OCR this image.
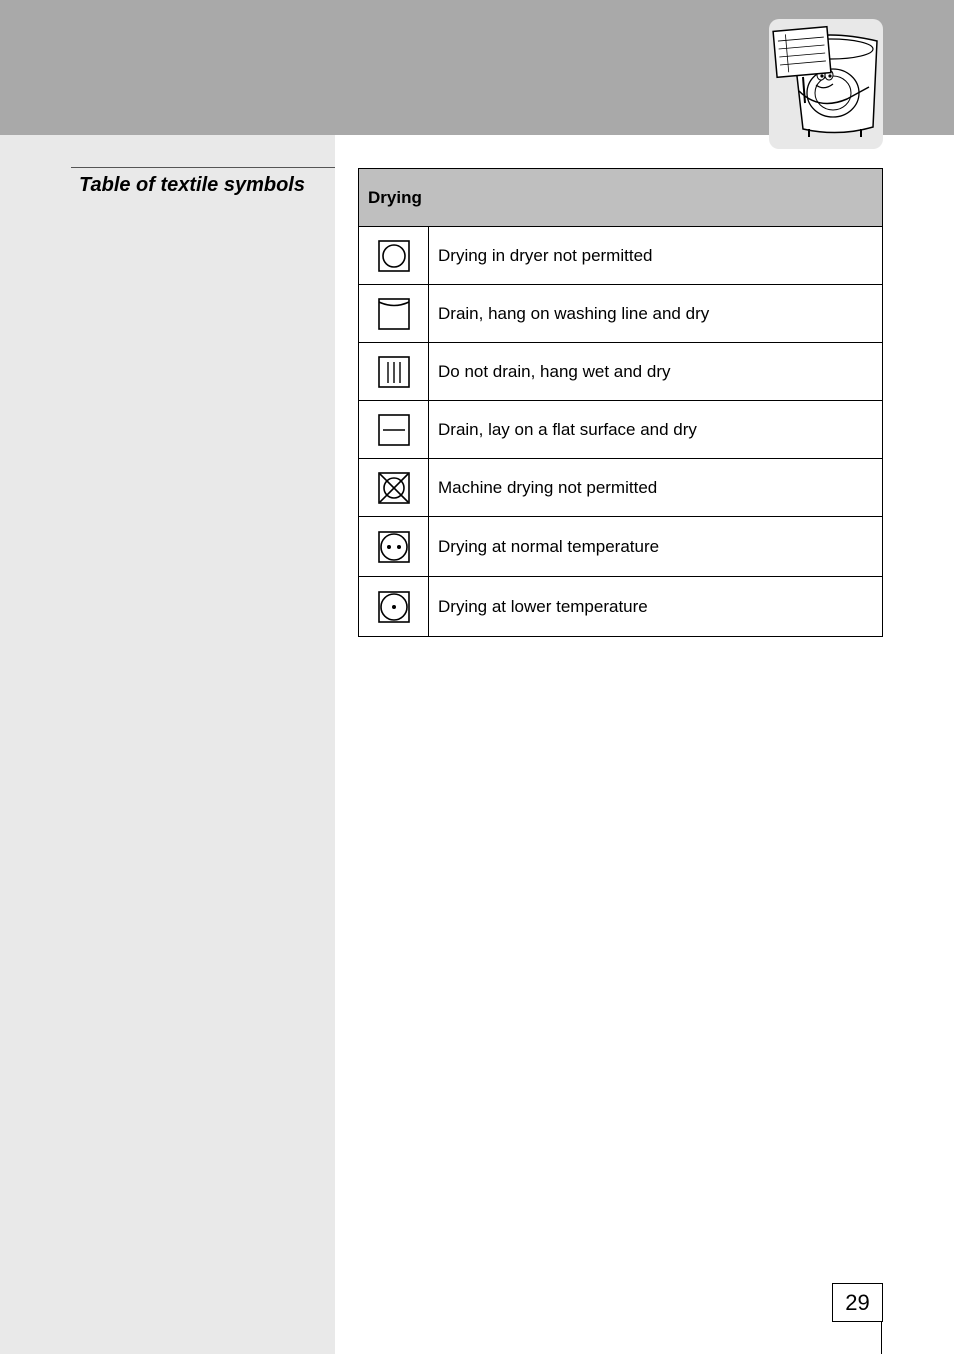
Table of textile symbols
Drying	

	Drying in dryer not permitted

	Drain, hang on washing line and dry

	Do not drain, hang wet and dry

	Drain, lay on a flat surface and dry

	Machine drying not permitted

	Drying at normal temperature

	Drying at lower temperature
29
